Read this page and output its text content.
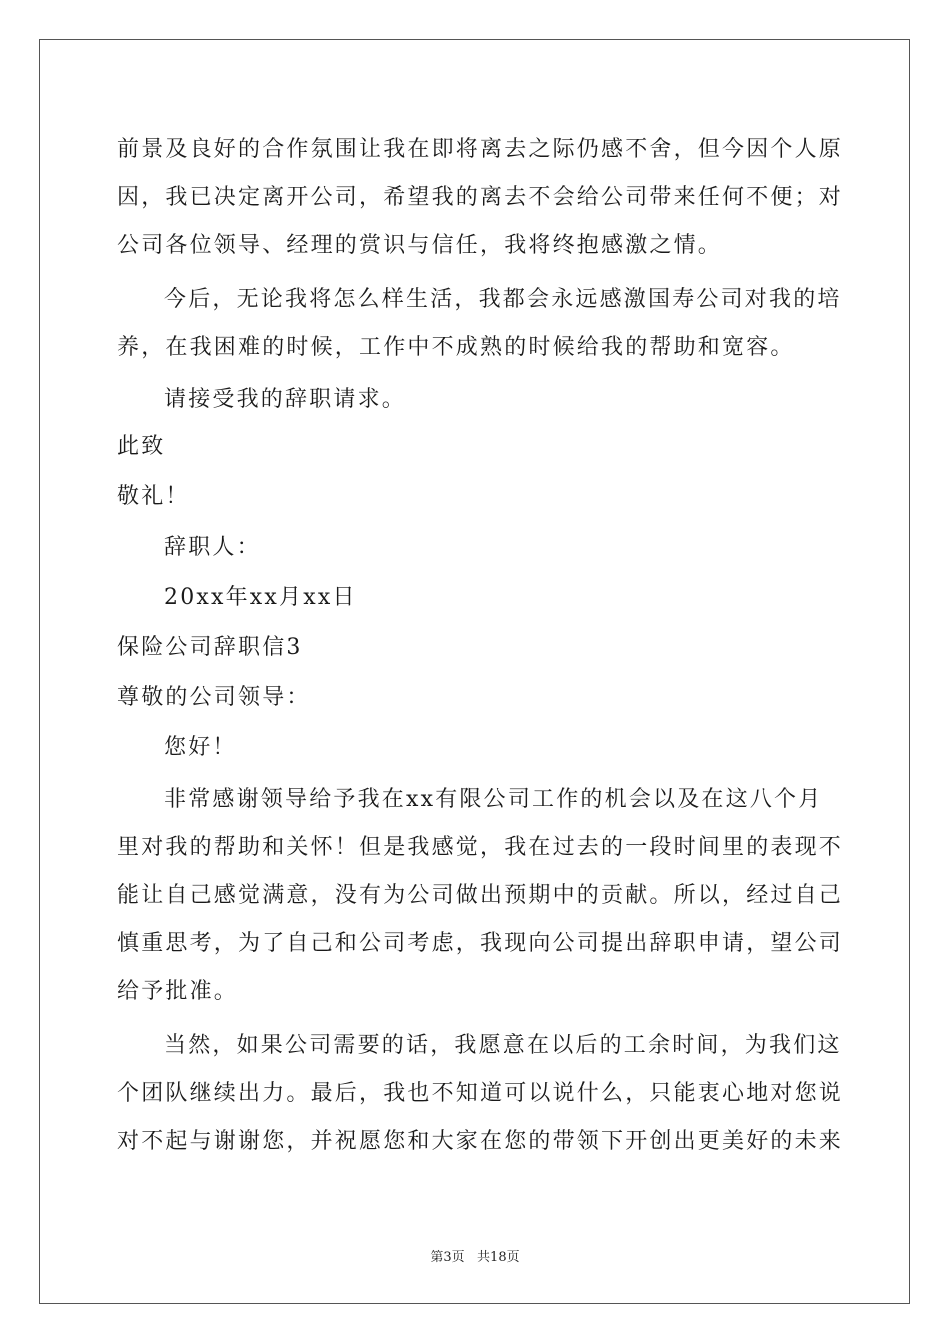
前景及良好的合作氛围让我在即将离去之际仍感不舍，但今因个人原
因，我已决定离开公司，希望我的离去不会给公司带来任何不便；对
公司各位领导、经理的赏识与信任，我将终抱感激之情。
今后，无论我将怎么样生活，我都会永远感激国寿公司对我的培
养，在我困难的时候，工作中不成熟的时候给我的帮助和宽容。
请接受我的辞职请求。
此致
敬礼！
辞职人：
20xx年xx月xx日
保险公司辞职信3
尊敬的公司领导：
您好！
非常感谢领导给予我在xx有限公司工作的机会以及在这八个月
里对我的帮助和关怀！但是我感觉，我在过去的一段时间里的表现不
能让自己感觉满意，没有为公司做出预期中的贡献。所以，经过自己
慎重思考，为了自己和公司考虑，我现向公司提出辞职申请，望公司
给予批准。
当然，如果公司需要的话，我愿意在以后的工余时间，为我们这
个团队继续出力。最后，我也不知道可以说什么，只能衷心地对您说
对不起与谢谢您，并祝愿您和大家在您的带领下开创出更美好的未来
第3页   共18页
